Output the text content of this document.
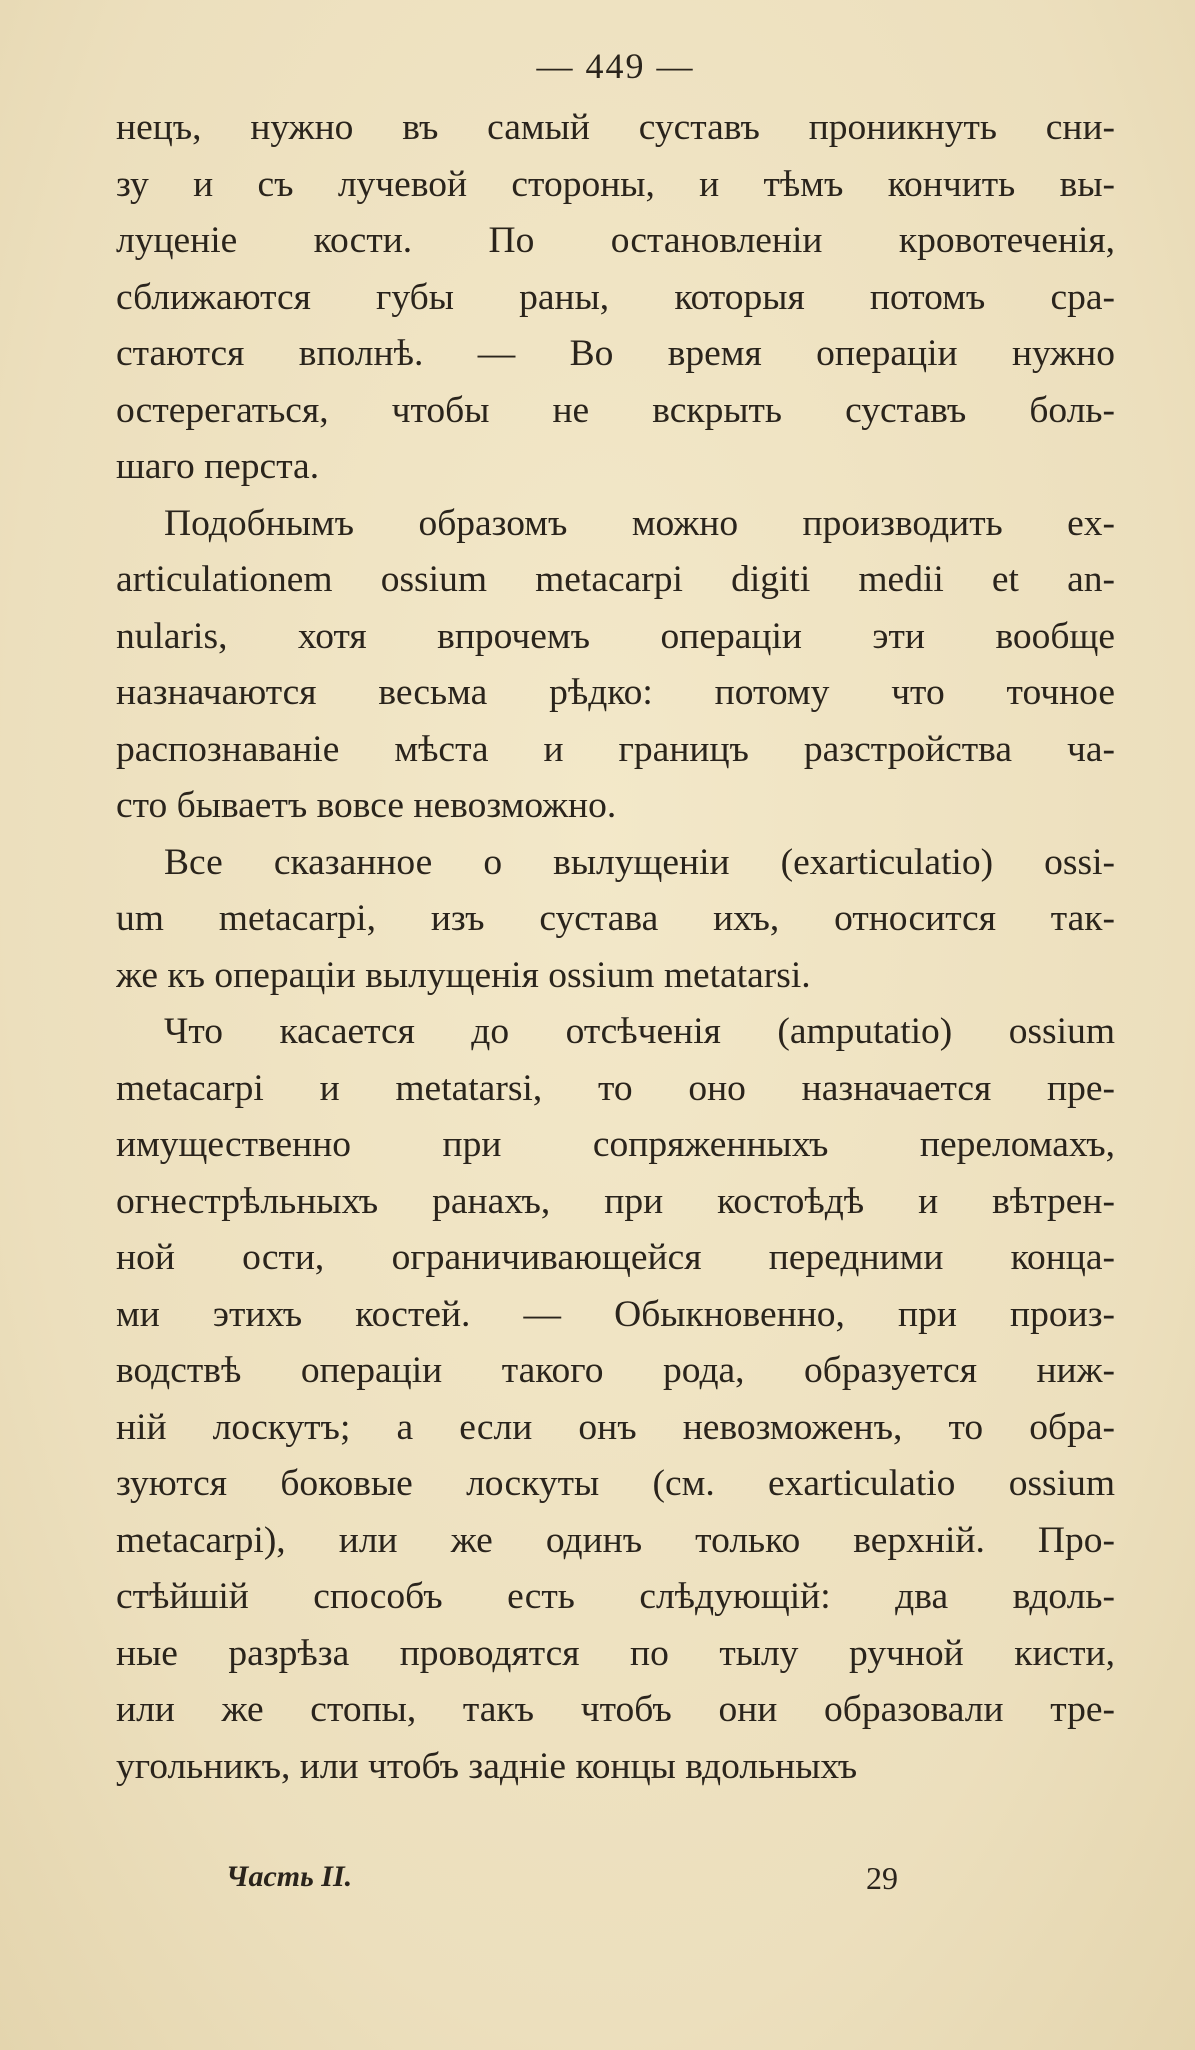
— 449 —
нецъ, нужно въ самый суставъ проникнуть сни-
зу и съ лучевой стороны, и тѣмъ кончить вы-
луценіе кости. По остановленіи кровотеченія,
сближаются губы раны, которыя потомъ сра-
стаются вполнѣ. — Во время операціи нужно
остерегаться, чтобы не вскрыть суставъ боль-
шаго перста.
Подобнымъ образомъ можно производить ex-
articulationem ossium metacarpi digiti medii et an-
nularis, хотя впрочемъ операціи эти вообще
назначаются весьма рѣдко: потому что точное
распознаваніе мѣста и границъ разстройства ча-
сто бываетъ вовсе невозможно.
Все сказанное о вылущеніи (exarticulatio) ossi-
um metacarpi, изъ сустава ихъ, относится так-
же къ операціи вылущенія ossium metatarsi.
Что касается до отсѣченія (amputatio) ossium
metacarpi и metatarsi, то оно назначается пре-
имущественно при сопряженныхъ переломахъ,
огнестрѣльныхъ ранахъ, при костоѣдѣ и вѣтрен-
ной ости, ограничивающейся передними конца-
ми этихъ костей. — Обыкновенно, при произ-
водствѣ операціи такого рода, образуется ниж-
ній лоскутъ; а если онъ невозможенъ, то обра-
зуются боковые лоскуты (см. exarticulatio ossium
metacarpi), или же одинъ только верхній. Про-
стѣйшій способъ есть слѣдующій: два вдоль-
ные разрѣза проводятся по тылу ручной кисти,
или же стопы, такъ чтобъ они образовали тре-
угольникъ, или чтобъ задніе концы вдольныхъ
Часть II.	29
